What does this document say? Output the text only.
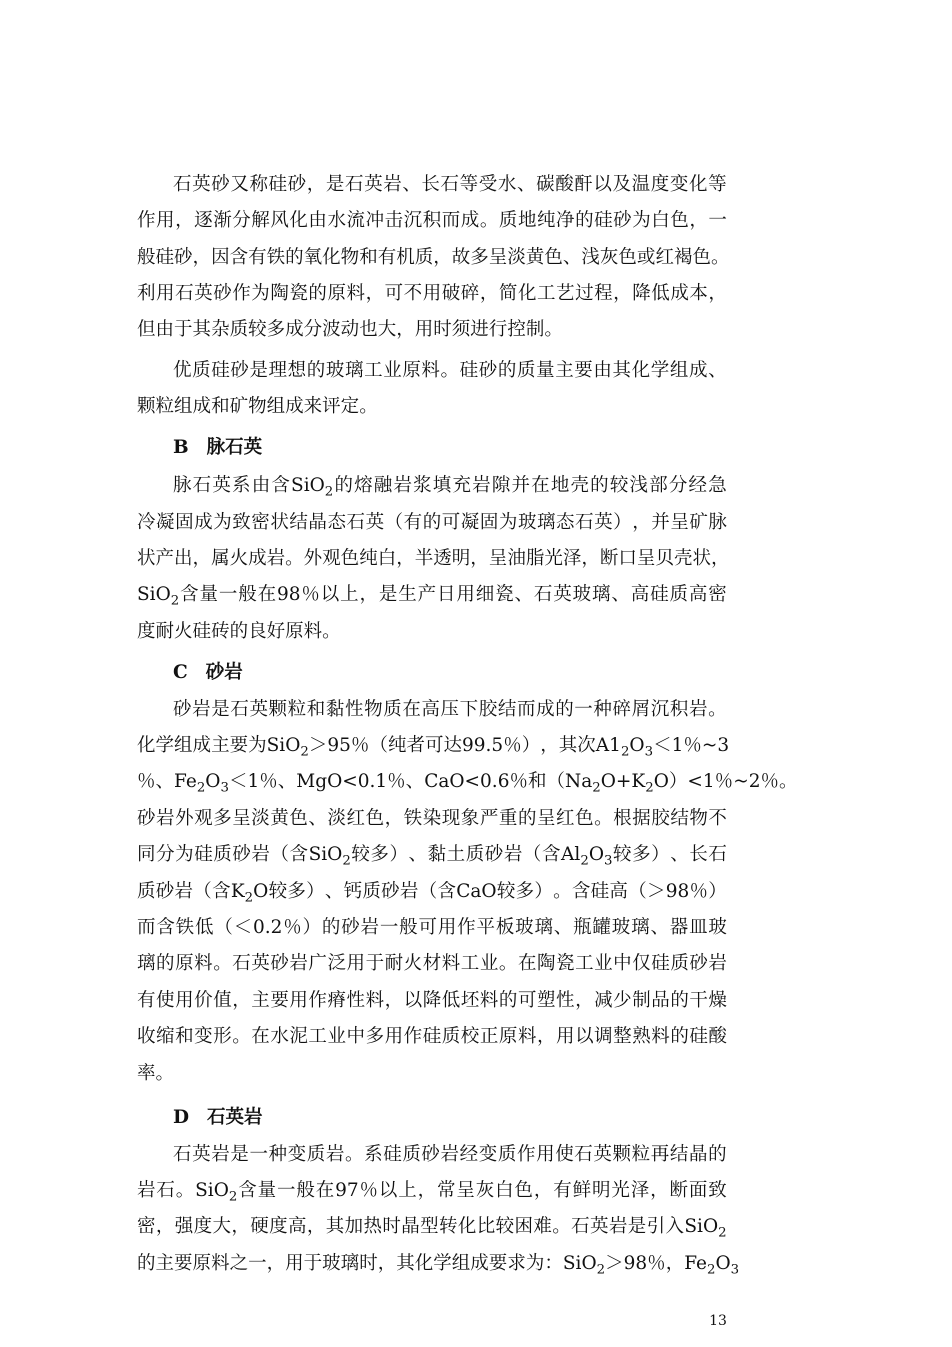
石 英 砂 又 称 硅 砂 ， 是 石 英 岩 、 长 石 等 受 水 、 碳 酸 酐 以 及 温 度 变 化 等
作 用 ， 逐 渐 分 解 风 化 由 水 流 冲 击 沉 积 而 成 。 质 地 纯 净 的 硅 砂 为 白 色 ， 一
般 硅 砂 ， 因 含 有 铁 的 氧 化 物 和 有 机 质 ， 故 多 呈 淡 黄 色 、 浅 灰 色 或 红 褐 色 。
利 用 石 英 砂 作 为 陶 瓷 的 原 料 ， 可 不 用 破 碎 ， 简 化 工 艺 过 程 ， 降 低 成 本 ，
但 由 于 其 杂 质 较 多 成 分 波 动 也 大 ， 用 时 须 进 行 控 制 。
优 质 硅 砂 是 理 想 的 玻 璃 工 业 原 料 。 硅 砂 的 质 量 主 要 由 其 化 学 组 成 、
颗 粒 组 成 和 矿 物 组 成 来 评 定 。
B 脉石英
脉 石 英 系 由 含 SiO$_2$ 的 熔 融 岩 浆 填 充 岩 隙 并 在 地 壳 的 较 浅 部 分 经 急
冷 凝 固 成 为 致 密 状 结 晶 态 石 英 （ 有 的 可 凝 固 为 玻 璃 态 石 英 ） ， 并 呈 矿 脉
状 产 出 ， 属 火 成 岩 。 外 观 色 纯 白 ， 半 透 明 ， 呈 油 脂 光 泽 ， 断 口 呈 贝 壳 状 ，
SiO$_2$ 含 量 一 般 在 98 ％ 以 上 ， 是 生 产 日 用 细 瓷 、 石 英 玻 璃 、 高 硅 质 高 密
度 耐 火 硅 砖 的 良 好 原 料 。
C 砂岩
砂 岩 是 石 英 颗 粒 和 黏 性 物 质 在 高 压 下 胶 结 而 成 的 一 种 碎 屑 沉 积 岩 。
化 学 组 成 主 要 为 SiO$_2$ ＞ 95 ％ （ 纯 者 可 达 99.5 ％ ） ， 其 次 $A1_2O_3 < 1$ ％ ~3
％ 、 $Fe_2O_3 < 1$ ％ 、 MgO<0.1 ％ 、 CaO<0.6 ％ 和 （ $Na_2O+K_2O$ ） <1 ％ ~2 ％ 。
砂 岩 外 观 多 呈 淡 黄 色 、 淡 红 色 ， 铁 染 现 象 严 重 的 呈 红 色 。 根 据 胶 结 物 不
同 分 为 硅 质 砂 岩 （ 含 SiO$_2$ 较 多 ） 、 黏 土 质 砂 岩 （ 含 $Al_2O_3$ 较 多 ） 、 长 石
质 砂 岩 （ 含 $K_2O$ 较 多 ） 、 钙 质 砂 岩 （ 含 CaO 较 多 ） 。 含 硅 高 （ ＞ 98 ％ ）
而 含 铁 低 （ ＜ 0.2 ％ ） 的 砂 岩 一 般 可 用 作 平 板 玻 璃 、 瓶 罐 玻 璃 、 器 皿 玻
璃 的 原 料 。 石 英 砂 岩 广 泛 用 于 耐 火 材 料 工 业 。 在 陶 瓷 工 业 中 仅 硅 质 砂 岩
有 使 用 价 值 ， 主 要 用 作 瘠 性 料 ， 以 降 低 坯 料 的 可 塑 性 ， 减 少 制 品 的 干 燥
收 缩 和 变 形 。 在 水 泥 工 业 中 多 用 作 硅 质 校 正 原 料 ， 用 以 调 整 熟 料 的 硅 酸
率 。
D 石英岩
石 英 岩 是 一 种 变 质 岩 。 系 硅 质 砂 岩 经 变 质 作 用 使 石 英 颗 粒 再 结 晶 的
岩 石 。 SiO$_2$ 含 量 一 般 在 97 ％ 以 上 ， 常 呈 灰 白 色 ， 有 鲜 明 光 泽 ， 断 面 致
密 ， 强 度 大 ， 硬 度 高 ， 其 加 热 时 晶 型 转 化 比 较 困 难 。 石 英 岩 是 引 入 SiO$_2$
的 主 要 原 料 之 一 ， 用 于 玻 璃 时 ， 其 化 学 组 成 要 求 为 ： SiO$_2$ ＞ 98 ％ ， $Fe_2O_3$
13
